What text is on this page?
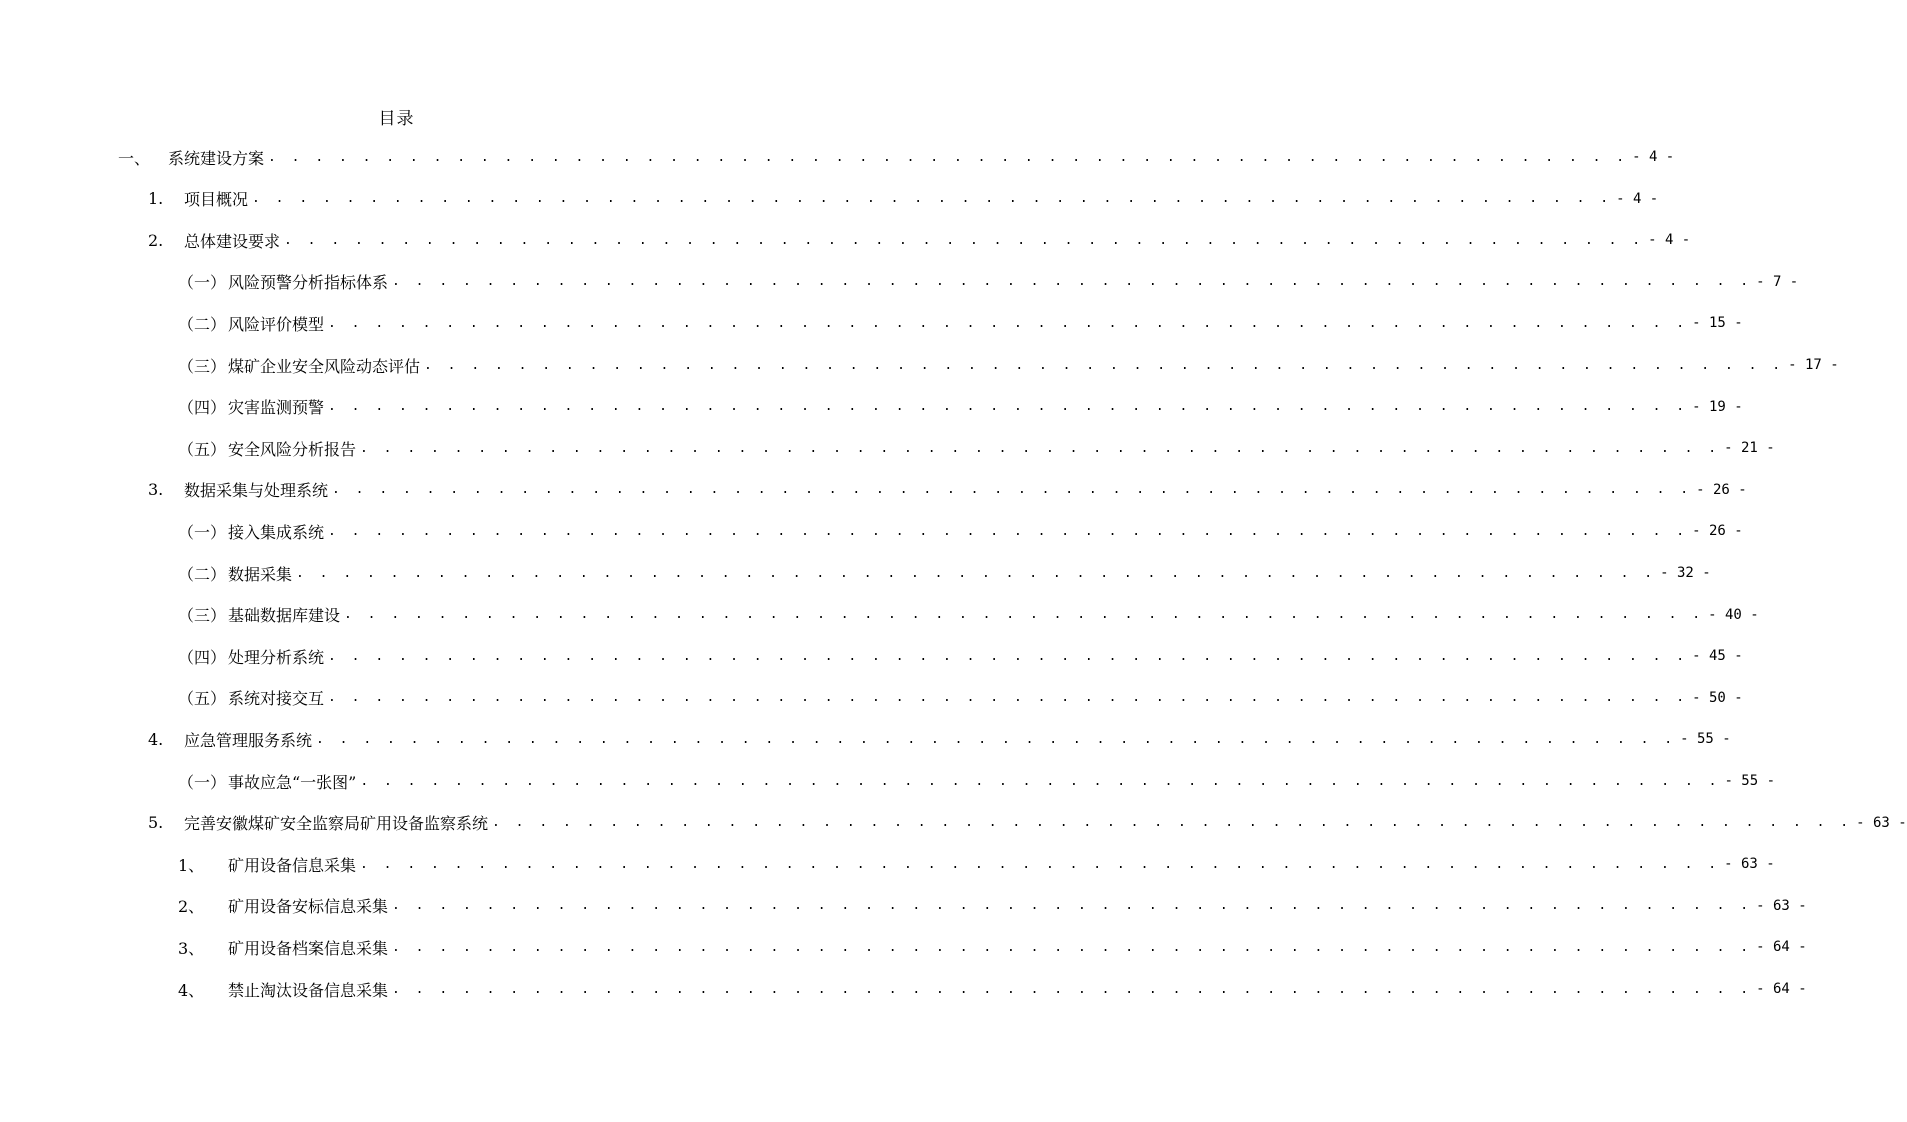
目录
一、	系统建设方案 . . . . . . . . . . . . . . . . . . . . . . . . . . . . . . . . . . . . . . . . . . . . . . . . . . . . . . . . . . - 4 -
1.	项目概况 . . . . . . . . . . . . . . . . . . . . . . . . . . . . . . . . . . . . . . . . . . . . . . . . . . . . . . . . . . - 4 -
2.	总体建设要求 . . . . . . . . . . . . . . . . . . . . . . . . . . . . . . . . . . . . . . . . . . . . . . . . . . . . . . . . . . - 4 -
（一） 风险预警分析指标体系 . . . . . . . . . . . . . . . . . . . . . . . . . . . . . . . . . . . . . . . . . . . . . . . . . . . . . . . . . . - 7 -
（二） 风险评价模型 . . . . . . . . . . . . . . . . . . . . . . . . . . . . . . . . . . . . . . . . . . . . . . . . . . . . . . . . . . - 15 -
（三） 煤矿企业安全风险动态评估 . . . . . . . . . . . . . . . . . . . . . . . . . . . . . . . . . . . . . . . . . . . . . . . . . . . . . . . . . . - 17 -
（四） 灾害监测预警 . . . . . . . . . . . . . . . . . . . . . . . . . . . . . . . . . . . . . . . . . . . . . . . . . . . . . . . . . . - 19 -
（五） 安全风险分析报告 . . . . . . . . . . . . . . . . . . . . . . . . . . . . . . . . . . . . . . . . . . . . . . . . . . . . . . . . . . - 21 -
3.	数据采集与处理系统 . . . . . . . . . . . . . . . . . . . . . . . . . . . . . . . . . . . . . . . . . . . . . . . . . . . . . . . . . . - 26 -
（一） 接入集成系统 . . . . . . . . . . . . . . . . . . . . . . . . . . . . . . . . . . . . . . . . . . . . . . . . . . . . . . . . . . - 26 -
（二） 数据采集 . . . . . . . . . . . . . . . . . . . . . . . . . . . . . . . . . . . . . . . . . . . . . . . . . . . . . . . . . . - 32 -
（三） 基础数据库建设 . . . . . . . . . . . . . . . . . . . . . . . . . . . . . . . . . . . . . . . . . . . . . . . . . . . . . . . . . . - 40 -
（四） 处理分析系统 . . . . . . . . . . . . . . . . . . . . . . . . . . . . . . . . . . . . . . . . . . . . . . . . . . . . . . . . . . - 45 -
（五） 系统对接交互 . . . . . . . . . . . . . . . . . . . . . . . . . . . . . . . . . . . . . . . . . . . . . . . . . . . . . . . . . . - 50 -
4.	应急管理服务系统 . . . . . . . . . . . . . . . . . . . . . . . . . . . . . . . . . . . . . . . . . . . . . . . . . . . . . . . . . . - 55 -
（一） 事故应急“一张图” . . . . . . . . . . . . . . . . . . . . . . . . . . . . . . . . . . . . . . . . . . . . . . . . . . . . . . . . . . - 55 -
5.	完善安徽煤矿安全监察局矿用设备监察系统 . . . . . . . . . . . . . . . . . . . . . . . . . . . . . . . . . . . . . . . . . . . . . . . . . . . . . . . . . . - 63 -
1、	矿用设备信息采集 . . . . . . . . . . . . . . . . . . . . . . . . . . . . . . . . . . . . . . . . . . . . . . . . . . . . . . . . . . - 63 -
2、	矿用设备安标信息采集 . . . . . . . . . . . . . . . . . . . . . . . . . . . . . . . . . . . . . . . . . . . . . . . . . . . . . . . . . . - 63 -
3、	矿用设备档案信息采集 . . . . . . . . . . . . . . . . . . . . . . . . . . . . . . . . . . . . . . . . . . . . . . . . . . . . . . . . . . - 64 -
4、	禁止淘汰设备信息采集 . . . . . . . . . . . . . . . . . . . . . . . . . . . . . . . . . . . . . . . . . . . . . . . . . . . . . . . . . . - 64 -
